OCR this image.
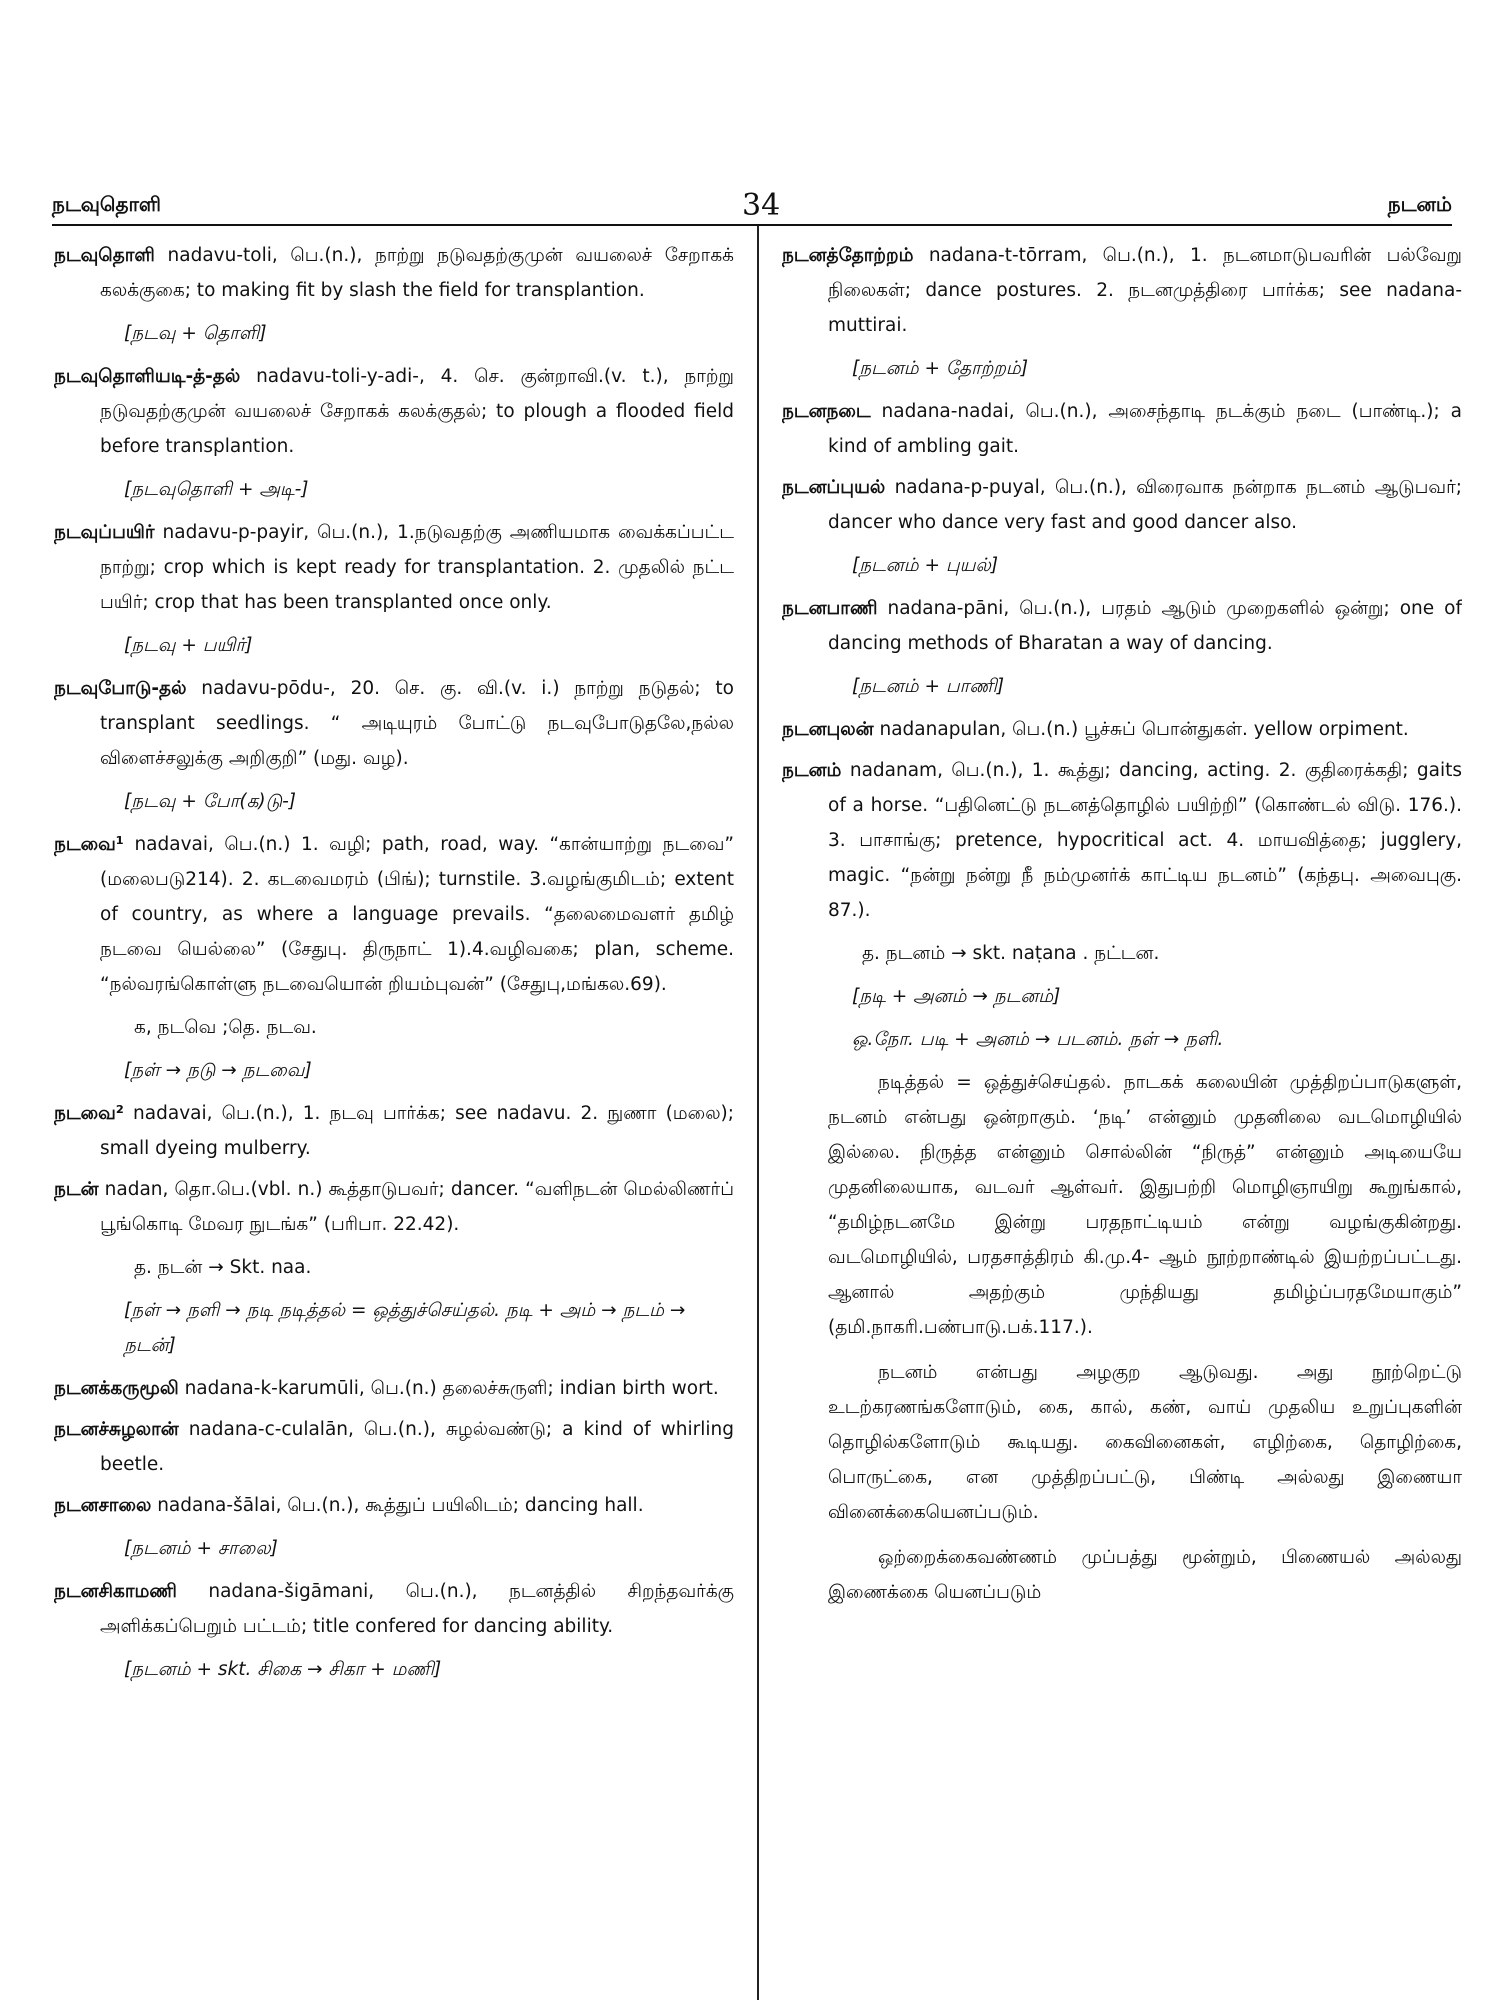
நடவுதொளி	34	நடனம்
நடவுதொளி nadavu-toli, பெ.(n.), நாற்று நடுவதற்குமுன் வயலைச் சேறாகக் கலக்குகை; to making fit by slash the field for transplantion.
[நடவு + தொளி]
நடவுதொளியடி-த்-தல் nadavu-toli-y-adi-, 4. செ. குன்றாவி.(v. t.), நாற்று நடுவதற்குமுன் வயலைச் சேறாகக் கலக்குதல்; to plough a flooded field before transplantion.
[நடவுதொளி + அடி-]
நடவுப்பயிர் nadavu-p-payir, பெ.(n.), 1.நடுவதற்கு அணியமாக வைக்கப்பட்ட நாற்று; crop which is kept ready for transplantation. 2. முதலில் நட்ட பயிர்; crop that has been transplanted once only.
[நடவு + பயிர்]
நடவுபோடு-தல் nadavu-pōdu-, 20. செ. கு. வி.(v. i.) நாற்று நடுதல்; to transplant seedlings. “ அடியுரம் போட்டு நடவுபோடுதலே,நல்ல விளைச்சலுக்கு அறிகுறி” (மது. வழ).
[நடவு + போ(க)டு-]
நடவை¹ nadavai, பெ.(n.) 1. வழி; path, road, way. “கான்யாற்று நடவை” (மலைபடு214). 2. கடவைமரம் (பிங்); turnstile. 3.வழங்குமிடம்; extent of country, as where a language prevails. “தலைமைவளர் தமிழ் நடவை யெல்லை” (சேதுபு. திருநாட் 1).4.வழிவகை; plan, scheme. “நல்வரங்கொள்ளு நடவையொன் றியம்புவன்” (சேதுபு,மங்கல.69).
க, நடவெ ;தெ. நடவ.
[நள் → நடு → நடவை]
நடவை² nadavai, பெ.(n.), 1. நடவு பார்க்க; see nadavu. 2. நுணா (மலை); small dyeing mulberry.
நடன் nadan, தொ.பெ.(vbl. n.) கூத்தாடுபவர்; dancer. “வளிநடன் மெல்லிணர்ப் பூங்கொடி மேவர நுடங்க” (பரிபா. 22.42).
த. நடன் → Skt. naa.
[நள் → நளி → நடி நடித்தல் = ஒத்துச்செய்தல். நடி + அம் → நடம் → நடன்]
நடனக்கருமூலி nadana-k-karumūli, பெ.(n.) தலைச்சுருளி; indian birth wort.
நடனச்சுழலான் nadana-c-culalān, பெ.(n.), சுழல்வண்டு; a kind of whirling beetle.
நடனசாலை nadana-šālai, பெ.(n.), கூத்துப் பயிலிடம்; dancing hall.
[நடனம் + சாலை]
நடனசிகாமணி nadana-šigāmani, பெ.(n.), நடனத்தில் சிறந்தவர்க்கு அளிக்கப்பெறும் பட்டம்; title confered for dancing ability.
[நடனம் + skt. சிகை → சிகா + மணி]
நடனத்தோற்றம் nadana-t-tōrram, பெ.(n.), 1. நடனமாடுபவரின் பல்வேறு நிலைகள்; dance postures. 2. நடனமுத்திரை பார்க்க; see nadana-muttirai.
[நடனம் + தோற்றம்]
நடனநடை nadana-nadai, பெ.(n.), அசைந்தாடி நடக்கும் நடை (பாண்டி.); a kind of ambling gait.
நடனப்புயல் nadana-p-puyal, பெ.(n.), விரைவாக நன்றாக நடனம் ஆடுபவர்; dancer who dance very fast and good dancer also.
[நடனம் + புயல்]
நடனபாணி nadana-pāni, பெ.(n.), பரதம் ஆடும் முறைகளில் ஒன்று; one of dancing methods of Bharatan a way of dancing.
[நடனம் + பாணி]
நடனபுலன் nadanapulan, பெ.(n.) பூச்சுப் பொன்துகள். yellow orpiment.
நடனம் nadanam, பெ.(n.), 1. கூத்து; dancing, acting. 2. குதிரைக்கதி; gaits of a horse. “பதினெட்டு நடனத்தொழில் பயிற்றி” (கொண்டல் விடு. 176.). 3. பாசாங்கு; pretence, hypocritical act. 4. மாயவித்தை; jugglery, magic. “நன்று நன்று நீ நம்முனர்க் காட்டிய நடனம்” (கந்தபு. அவைபுகு. 87.).
த. நடனம் → skt. naṭana . நட்டன.
[நடி + அனம் → நடனம்]
ஒ.நோ. படி + அனம் → படனம். நள் → நளி.
நடித்தல் = ஒத்துச்செய்தல். நாடகக் கலையின் முத்திறப்பாடுகளுள், நடனம் என்பது ஒன்றாகும். ‘நடி’ என்னும் முதனிலை வடமொழியில் இல்லை. நிருத்த என்னும் சொல்லின் “நிருத்” என்னும் அடியையே முதனிலையாக, வடவர் ஆள்வர். இதுபற்றி மொழிஞாயிறு கூறுங்கால், “தமிழ்நடனமே இன்று பரதநாட்டியம் என்று வழங்குகின்றது. வடமொழியில், பரதசாத்திரம் கி.மு.4- ஆம் நூற்றாண்டில் இயற்றப்பட்டது. ஆனால் அதற்கும் முந்தியது தமிழ்ப்பரதமேயாகும்” (தமி.நாகரி.பண்பாடு.பக்.117.).
நடனம் என்பது அழகுற ஆடுவது. அது நூற்றெட்டு உடற்கரணங்களோடும், கை, கால், கண், வாய் முதலிய உறுப்புகளின் தொழில்களோடும் கூடியது. கைவினைகள், எழிற்கை, தொழிற்கை, பொருட்கை, என முத்திறப்பட்டு, பிண்டி அல்லது இணையா வினைக்கையெனப்படும்.
ஒற்றைக்கைவண்ணம் முப்பத்து மூன்றும், பிணையல் அல்லது இணைக்கை யெனப்படும்
